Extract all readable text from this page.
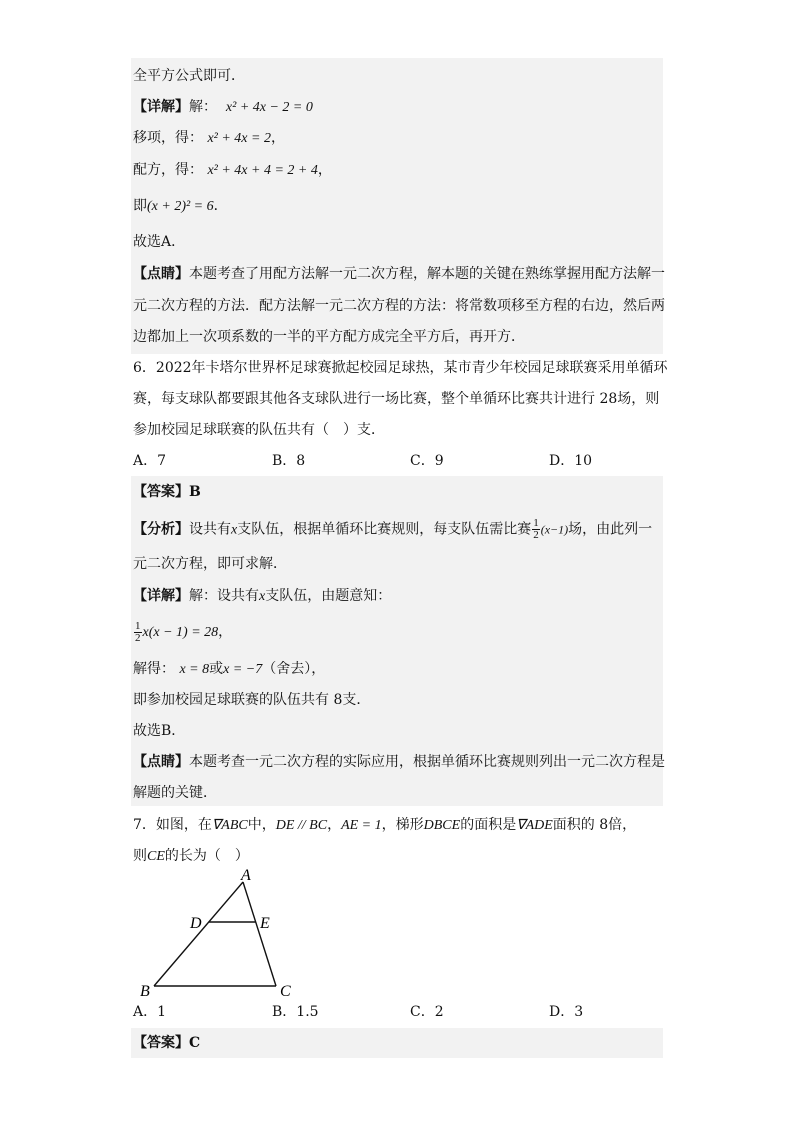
全平方公式即可．
【详解】解： x² + 4x − 2 = 0
移项，得： x² + 4x = 2，
配方，得： x² + 4x + 4 = 2 + 4，
即(x + 2)² = 6．
故选A．
【点睛】本题考查了用配方法解一元二次方程，解本题的关键在熟练掌握用配方法解一
元二次方程的方法．配方法解一元二次方程的方法：将常数项移至方程的右边，然后两
边都加上一次项系数的一半的平方配方成完全平方后，再开方．
6．2022年卡塔尔世界杯足球赛掀起校园足球热，某市青少年校园足球联赛采用单循环
赛，每支球队都要跟其他各支球队进行一场比赛，整个单循环比赛共计进行 28场，则
参加校园足球联赛的队伍共有（　）支．
A．7	B．8	C．9	D．10
【答案】B
【分析】设共有x支队伍，根据单循环比赛规则，每支队伍需比赛 $\frac{1}{2} (x-1)$场，由此列一
元二次方程，即可求解．
【详解】解：设共有x支队伍，由题意知：
$\frac{1}{2} x(x - 1) = 28$，
解得： x = 8或x = −7（舍去），
即参加校园足球联赛的队伍共有 8支．
故选B．
【点睛】本题考查一元二次方程的实际应用，根据单循环比赛规则列出一元二次方程是
解题的关键．
7．如图，在∇ABC中，DE // BC，AE = 1，梯形DBCE的面积是∇ADE面积的 8倍，
则CE的长为（　）
A
D	E
B	C
A．1	B．1.5	C．2	D．3
【答案】C
